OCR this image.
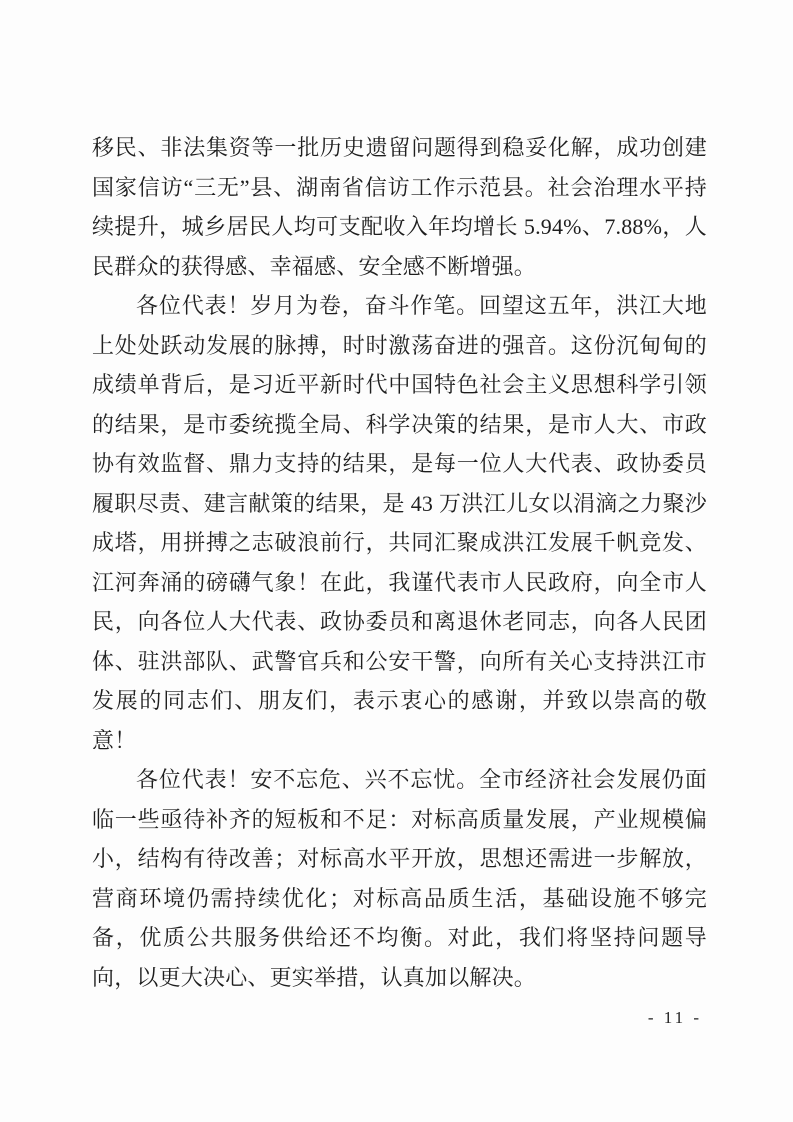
移民、非法集资等一批历史遗留问题得到稳妥化解，成功创建国家信访“三无”县、湖南省信访工作示范县。社会治理水平持续提升，城乡居民人均可支配收入年均增长 5.94%、7.88%，人民群众的获得感、幸福感、安全感不断增强。

各位代表！岁月为卷，奋斗作笔。回望这五年，洪江大地上处处跃动发展的脉搏，时时激荡奋进的强音。这份沉甸甸的成绩单背后，是习近平新时代中国特色社会主义思想科学引领的结果，是市委统揽全局、科学决策的结果，是市人大、市政协有效监督、鼎力支持的结果，是每一位人大代表、政协委员履职尽责、建言献策的结果，是 43 万洪江儿女以涓滴之力聚沙成塔，用拼搏之志破浪前行，共同汇聚成洪江发展千帆竞发、江河奔涌的磅礴气象！在此，我谨代表市人民政府，向全市人民，向各位人大代表、政协委员和离退休老同志，向各人民团体、驻洪部队、武警官兵和公安干警，向所有关心支持洪江市发展的同志们、朋友们，表示衷心的感谢，并致以崇高的敬意！

各位代表！安不忘危、兴不忘忧。全市经济社会发展仍面临一些亟待补齐的短板和不足：对标高质量发展，产业规模偏小，结构有待改善；对标高水平开放，思想还需进一步解放，营商环境仍需持续优化；对标高品质生活，基础设施不够完备，优质公共服务供给还不均衡。对此，我们将坚持问题导向，以更大决心、更实举措，认真加以解决。

- 11 -
